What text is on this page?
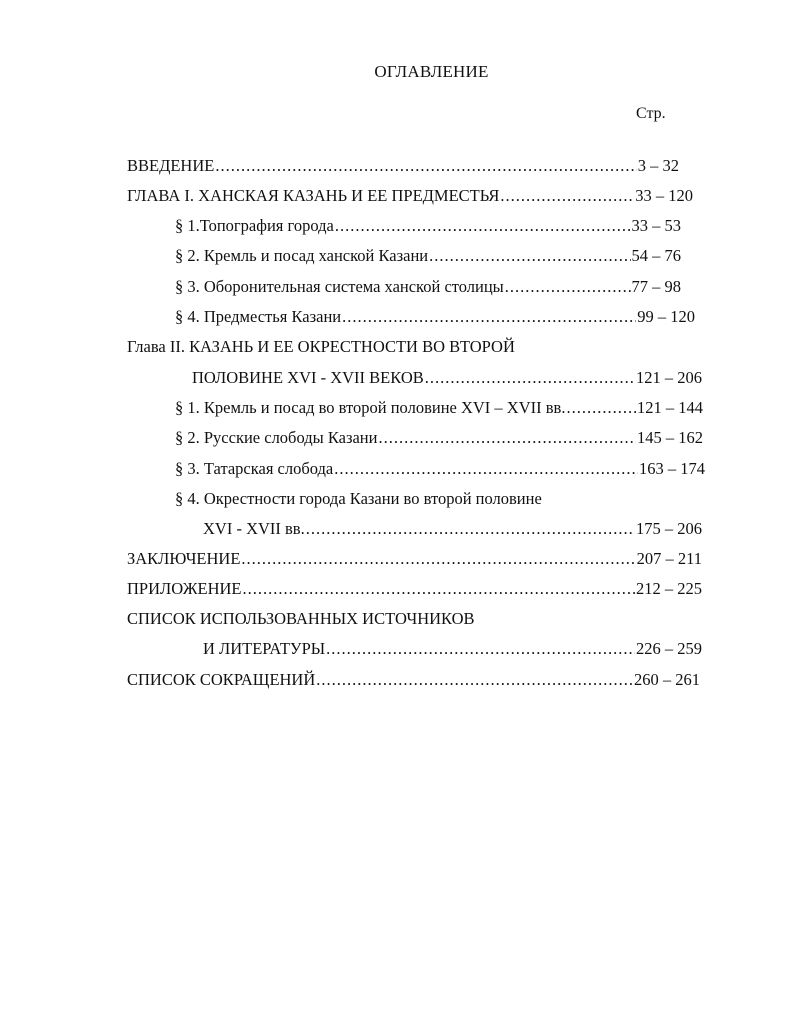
ОГЛАВЛЕНИЕ
Стр.
ВВЕДЕНИЕ .....	3 – 32
ГЛАВА I. ХАНСКАЯ КАЗАНЬ И ЕЕ ПРЕДМЕСТЬЯ .....	33 – 120
§ 1.Топография города .....	33 – 53
§ 2. Кремль и посад ханской Казани .....	54 – 76
§ 3. Оборонительная система ханской столицы .....	77 – 98
§ 4. Предместья Казани .....	99 – 120
Глава II. КАЗАНЬ И ЕЕ ОКРЕСТНОСТИ ВО ВТОРОЙ
ПОЛОВИНЕ XVI - XVII ВЕКОВ .....	121 – 206
§ 1. Кремль и посад во второй половине XVI – XVII вв. .....	121 – 144
§ 2. Русские слободы Казани .....	145 – 162
§ 3. Татарская слобода .....	163 – 174
§ 4. Окрестности города Казани во второй половине
XVI - XVII вв. .....	175 – 206
ЗАКЛЮЧЕНИЕ .....	207 – 211
ПРИЛОЖЕНИЕ .....	212 – 225
СПИСОК ИСПОЛЬЗОВАННЫХ ИСТОЧНИКОВ
И ЛИТЕРАТУРЫ .....	226 – 259
СПИСОК СОКРАЩЕНИЙ .....	260 – 261
